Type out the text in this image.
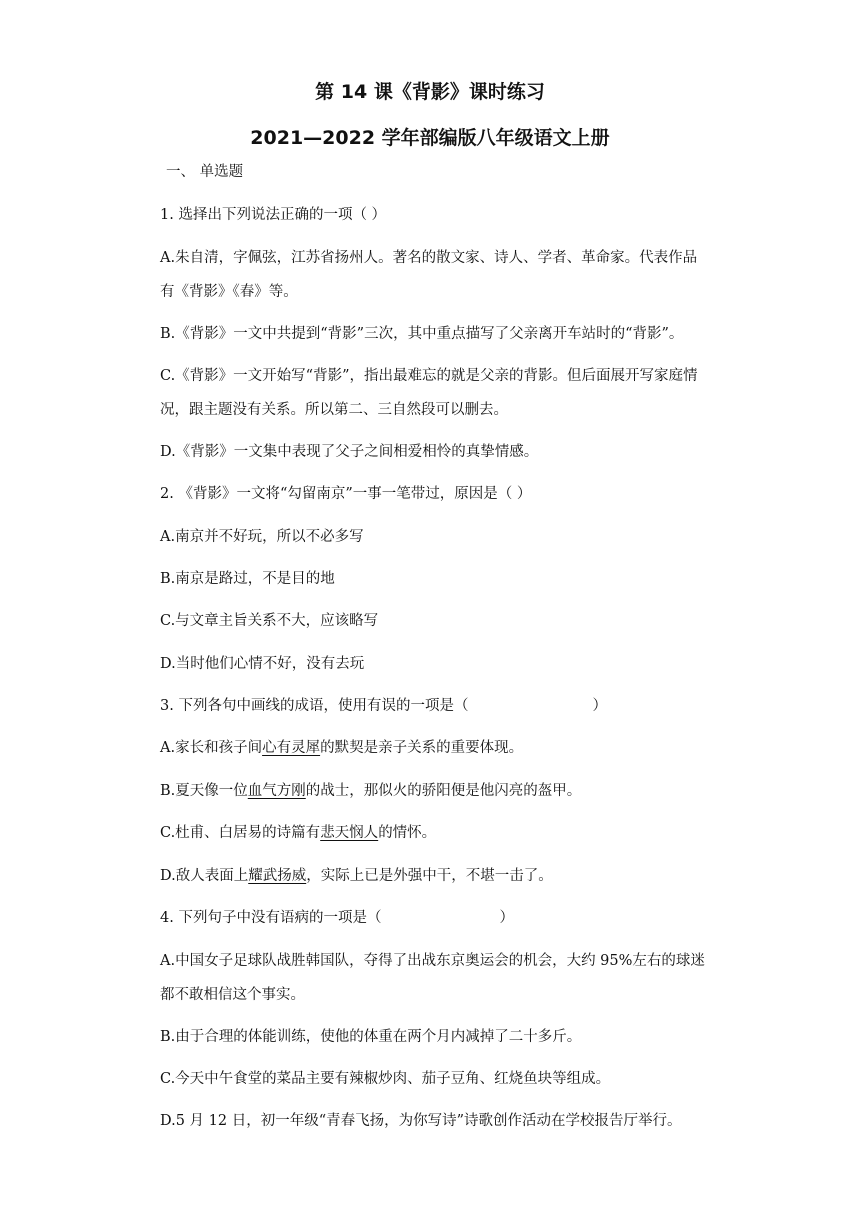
第 14 课《背影》课时练习
2021—2022 学年部编版八年级语文上册
一、 单选题
1. 选择出下列说法正确的一项（ ）
A.朱自清，字佩弦，江苏省扬州人。著名的散文家、诗人、学者、革命家。代表作品
有《背影》《春》等。
B.《背影》一文中共提到“背影”三次，其中重点描写了父亲离开车站时的“背影”。
C.《背影》一文开始写“背影”，指出最难忘的就是父亲的背影。但后面展开写家庭情
况，跟主题没有关系。所以第二、三自然段可以删去。
D.《背影》一文集中表现了父子之间相爱相怜的真挚情感。
2. 《背影》一文将“勾留南京”一事一笔带过，原因是（ ）
A.南京并不好玩，所以不必多写
B.南京是路过，不是目的地
C.与文章主旨关系不大，应该略写
D.当时他们心情不好，没有去玩
3. 下列各句中画线的成语，使用有误的一项是（	）
A.家长和孩子间心有灵犀的默契是亲子关系的重要体现。
B.夏天像一位血气方刚的战士，那似火的骄阳便是他闪亮的盔甲。
C.杜甫、白居易的诗篇有悲天悯人的情怀。
D.敌人表面上耀武扬威，实际上已是外强中干，不堪一击了。
4. 下列句子中没有语病的一项是（	）
A.中国女子足球队战胜韩国队，夺得了出战东京奥运会的机会，大约 95%左右的球迷
都不敢相信这个事实。
B.由于合理的体能训练，使他的体重在两个月内减掉了二十多斤。
C.今天中午食堂的菜品主要有辣椒炒肉、茄子豆角、红烧鱼块等组成。
D.5 月 12 日，初一年级“青春飞扬，为你写诗”诗歌创作活动在学校报告厅举行。
